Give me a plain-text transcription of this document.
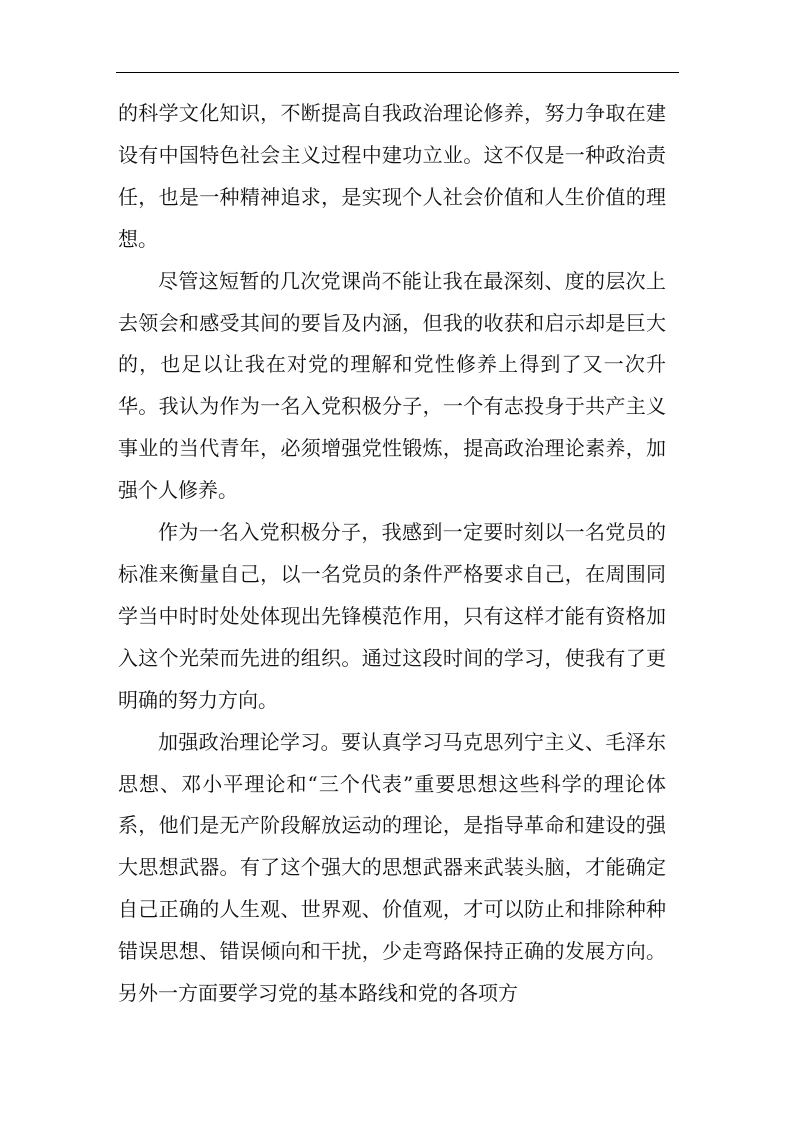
的科学文化知识，不断提高自我政治理论修养，努力争取在建设有中国特色社会主义过程中建功立业。这不仅是一种政治责任，也是一种精神追求，是实现个人社会价值和人生价值的理想。

尽管这短暂的几次党课尚不能让我在最深刻、度的层次上去领会和感受其间的要旨及内涵，但我的收获和启示却是巨大的，也足以让我在对党的理解和党性修养上得到了又一次升华。我认为作为一名入党积极分子，一个有志投身于共产主义事业的当代青年，必须增强党性锻炼，提高政治理论素养，加强个人修养。

作为一名入党积极分子，我感到一定要时刻以一名党员的标准来衡量自己，以一名党员的条件严格要求自己，在周围同学当中时时处处体现出先锋模范作用，只有这样才能有资格加入这个光荣而先进的组织。通过这段时间的学习，使我有了更明确的努力方向。

加强政治理论学习。要认真学习马克思列宁主义、毛泽东思想、邓小平理论和“三个代表”重要思想这些科学的理论体系，他们是无产阶段解放运动的理论，是指导革命和建设的强大思想武器。有了这个强大的思想武器来武装头脑，才能确定自己正确的人生观、世界观、价值观，才可以防止和排除种种错误思想、错误倾向和干扰，少走弯路保持正确的发展方向。另外一方面要学习党的基本路线和党的各项方
